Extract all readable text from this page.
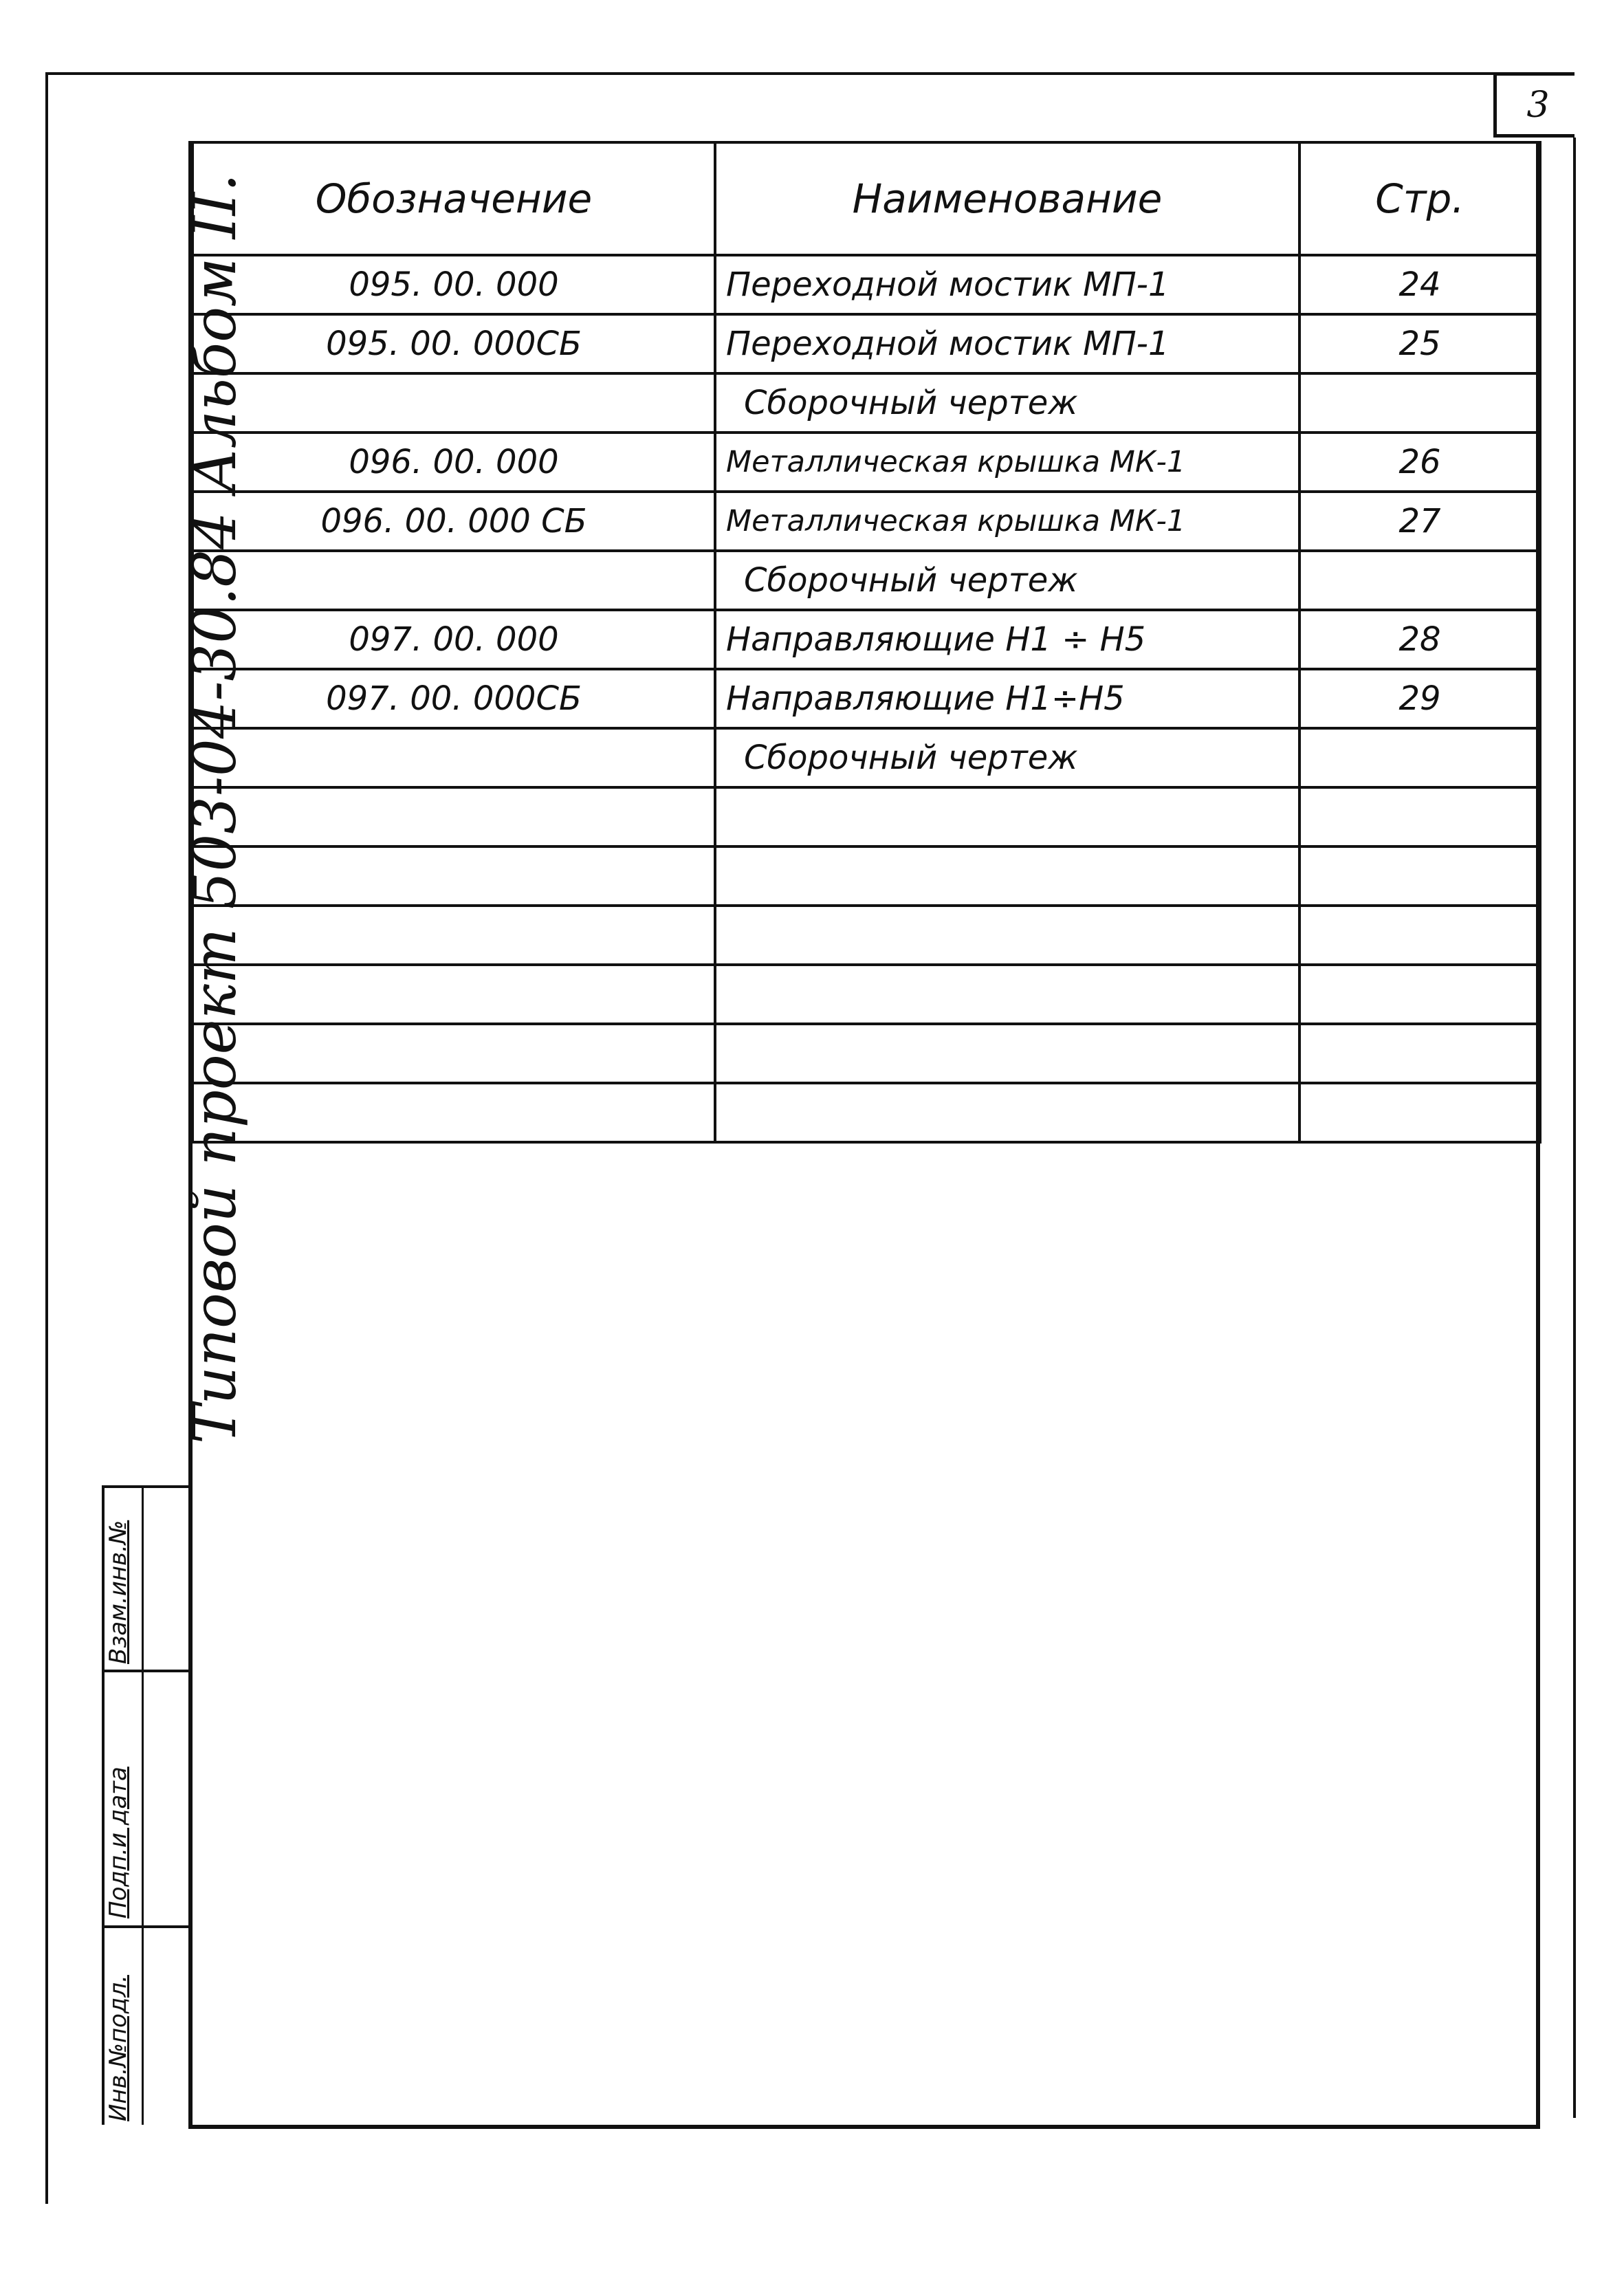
3
Типовой проект 503-04-30.84 Альбом II.
Взам.инв.№
Подп.и дата
Инв.№подл.
Обозначение	Наименование	Стр.
095. 00. 000	Переходной мостик МП-1	24
095. 00. 000СБ	Переходной мостик МП-1	25
	Сборочный чертеж	
096. 00. 000	Металлическая крышка МК-1	26
096. 00. 000 СБ	Металлическая крышка МК-1	27
	Сборочный чертеж	
097. 00. 000	Направляющие Н1 ÷ Н5	28
097. 00. 000СБ	Направляющие Н1÷Н5	29
	Сборочный чертеж	
